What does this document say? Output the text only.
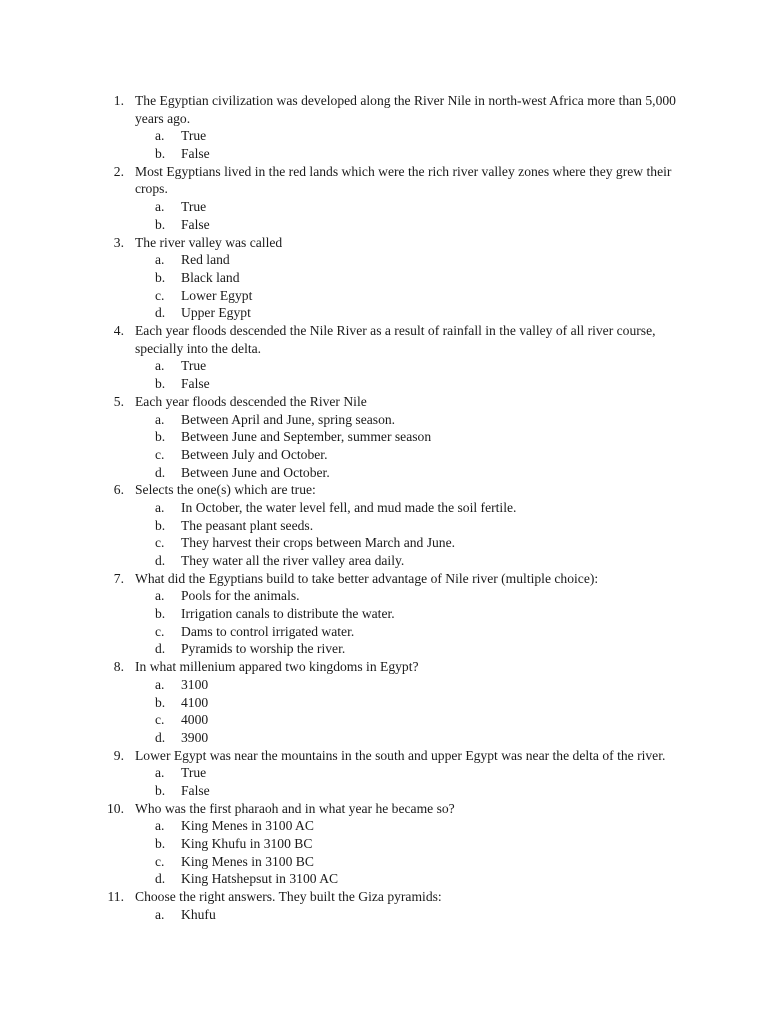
1. The Egyptian civilization was developed along the River Nile in north-west Africa more than 5,000 years ago.
a. True
b. False
2. Most Egyptians lived in the red lands which were the rich river valley zones where they grew their crops.
a. True
b. False
3. The river valley was called
a. Red land
b. Black land
c. Lower Egypt
d. Upper Egypt
4. Each year floods descended the Nile River as a result of rainfall in the valley of all river course, specially into the delta.
a. True
b. False
5. Each year floods descended the River Nile
a. Between April and June, spring season.
b. Between June and September, summer season
c. Between July and October.
d. Between June and October.
6. Selects the one(s) which are true:
a. In October, the water level fell, and mud made the soil fertile.
b. The peasant plant seeds.
c. They harvest their crops between March and June.
d. They water all the river valley area daily.
7. What did the Egyptians build to take better advantage of Nile river (multiple choice):
a. Pools for the animals.
b. Irrigation canals to distribute the water.
c. Dams to control irrigated water.
d. Pyramids to worship the river.
8. In what millenium appared two kingdoms in Egypt?
a. 3100
b. 4100
c. 4000
d. 3900
9. Lower Egypt was near the mountains in the south and upper Egypt was near the delta of the river.
a. True
b. False
10. Who was the first pharaoh and in what year he became so?
a. King Menes in 3100 AC
b. King Khufu in 3100 BC
c. King Menes in 3100 BC
d. King Hatshepsut in 3100 AC
11. Choose the right answers. They built the Giza pyramids:
a. Khufu
